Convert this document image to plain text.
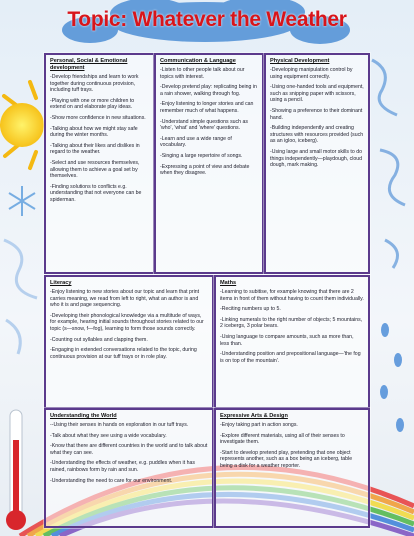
Topic: Whatever the Weather
Personal, Social & Emotional development
-Develop friendships and learn to work together during continuous provision, including tuff trays.
-Playing with one or more children to extend on and elaborate play ideas.
-Show more confidence in new situations.
-Talking about how we might stay safe during the winter months.
-Talking about their likes and dislikes in regard to the weather.
-Select and use resources themselves, allowing them to achieve a goal set by themselves.
-Finding solutions to conflicts e.g. understanding that not everyone can be spiderman.
Communication & Language
-Listen to other people talk about our topics with interest.
-Develop pretend play: replicating being in a rain shower, walking through fog.
-Enjoy listening to longer stories and can remember much of what happens.
-Understand simple questions such as 'who', 'what' and 'where' questions.
-Learn and use a wide range of vocabulary.
-Singing a large repertoire of songs.
-Expressing a point of view and debate when they disagree.
Physical Development
-Developing manipulation control by using equipment correctly.
-Using one-handed tools and equipment, such as snipping paper with scissors, using a pencil.
-Showing a preference to their dominant hand.
-Building independently and creating structures with resources provided (such as an igloo, iceberg).
-Using large and small motor skills to do things independently—playdough, cloud dough, mark making.
Literacy
-Enjoy listening to new stories about our topic and learn that print carries meaning, we read from left to right, what an author is and who it is and page sequencing.
-Developing their phonological knowledge via a multitude of ways, for example, hearing initial sounds throughout stories related to our topic (s—snow, f—fog), learning to form those sounds correctly.
-Counting out syllables and clapping them.
-Engaging in extended conversations related to the topic, during continuous provision at our tuff trays or in role play.
Maths
-Learning to subitise, for example knowing that there are 2 items in front of them without having to count them individually.
-Reciting numbers up to 5.
-Linking numerals to the right number of objects; 5 mountains, 2 icebergs, 3 polar bears.
-Using language to compare amounts, such as more than, less than.
-Understanding position and prepositional language—'the fog is on top of the mountain'.
Understanding the World
--Using their senses in hands on exploration in our tuff trays.
-Talk about what they see using a wide vocabulary.
-Know that there are different countries in the world and to talk about what they can see.
-Understanding the effects of weather, e.g. puddles when it has rained, rainbows form by rain and sun.
-Understanding the need to care for our environment.
Expressive Arts & Design
-Enjoy taking part in action songs.
-Explore different materials, using all of their senses to investigate them.
-Start to develop pretend play, pretending that one object represents another, such as a box being an iceberg, table being a disk for a weather reporter.
